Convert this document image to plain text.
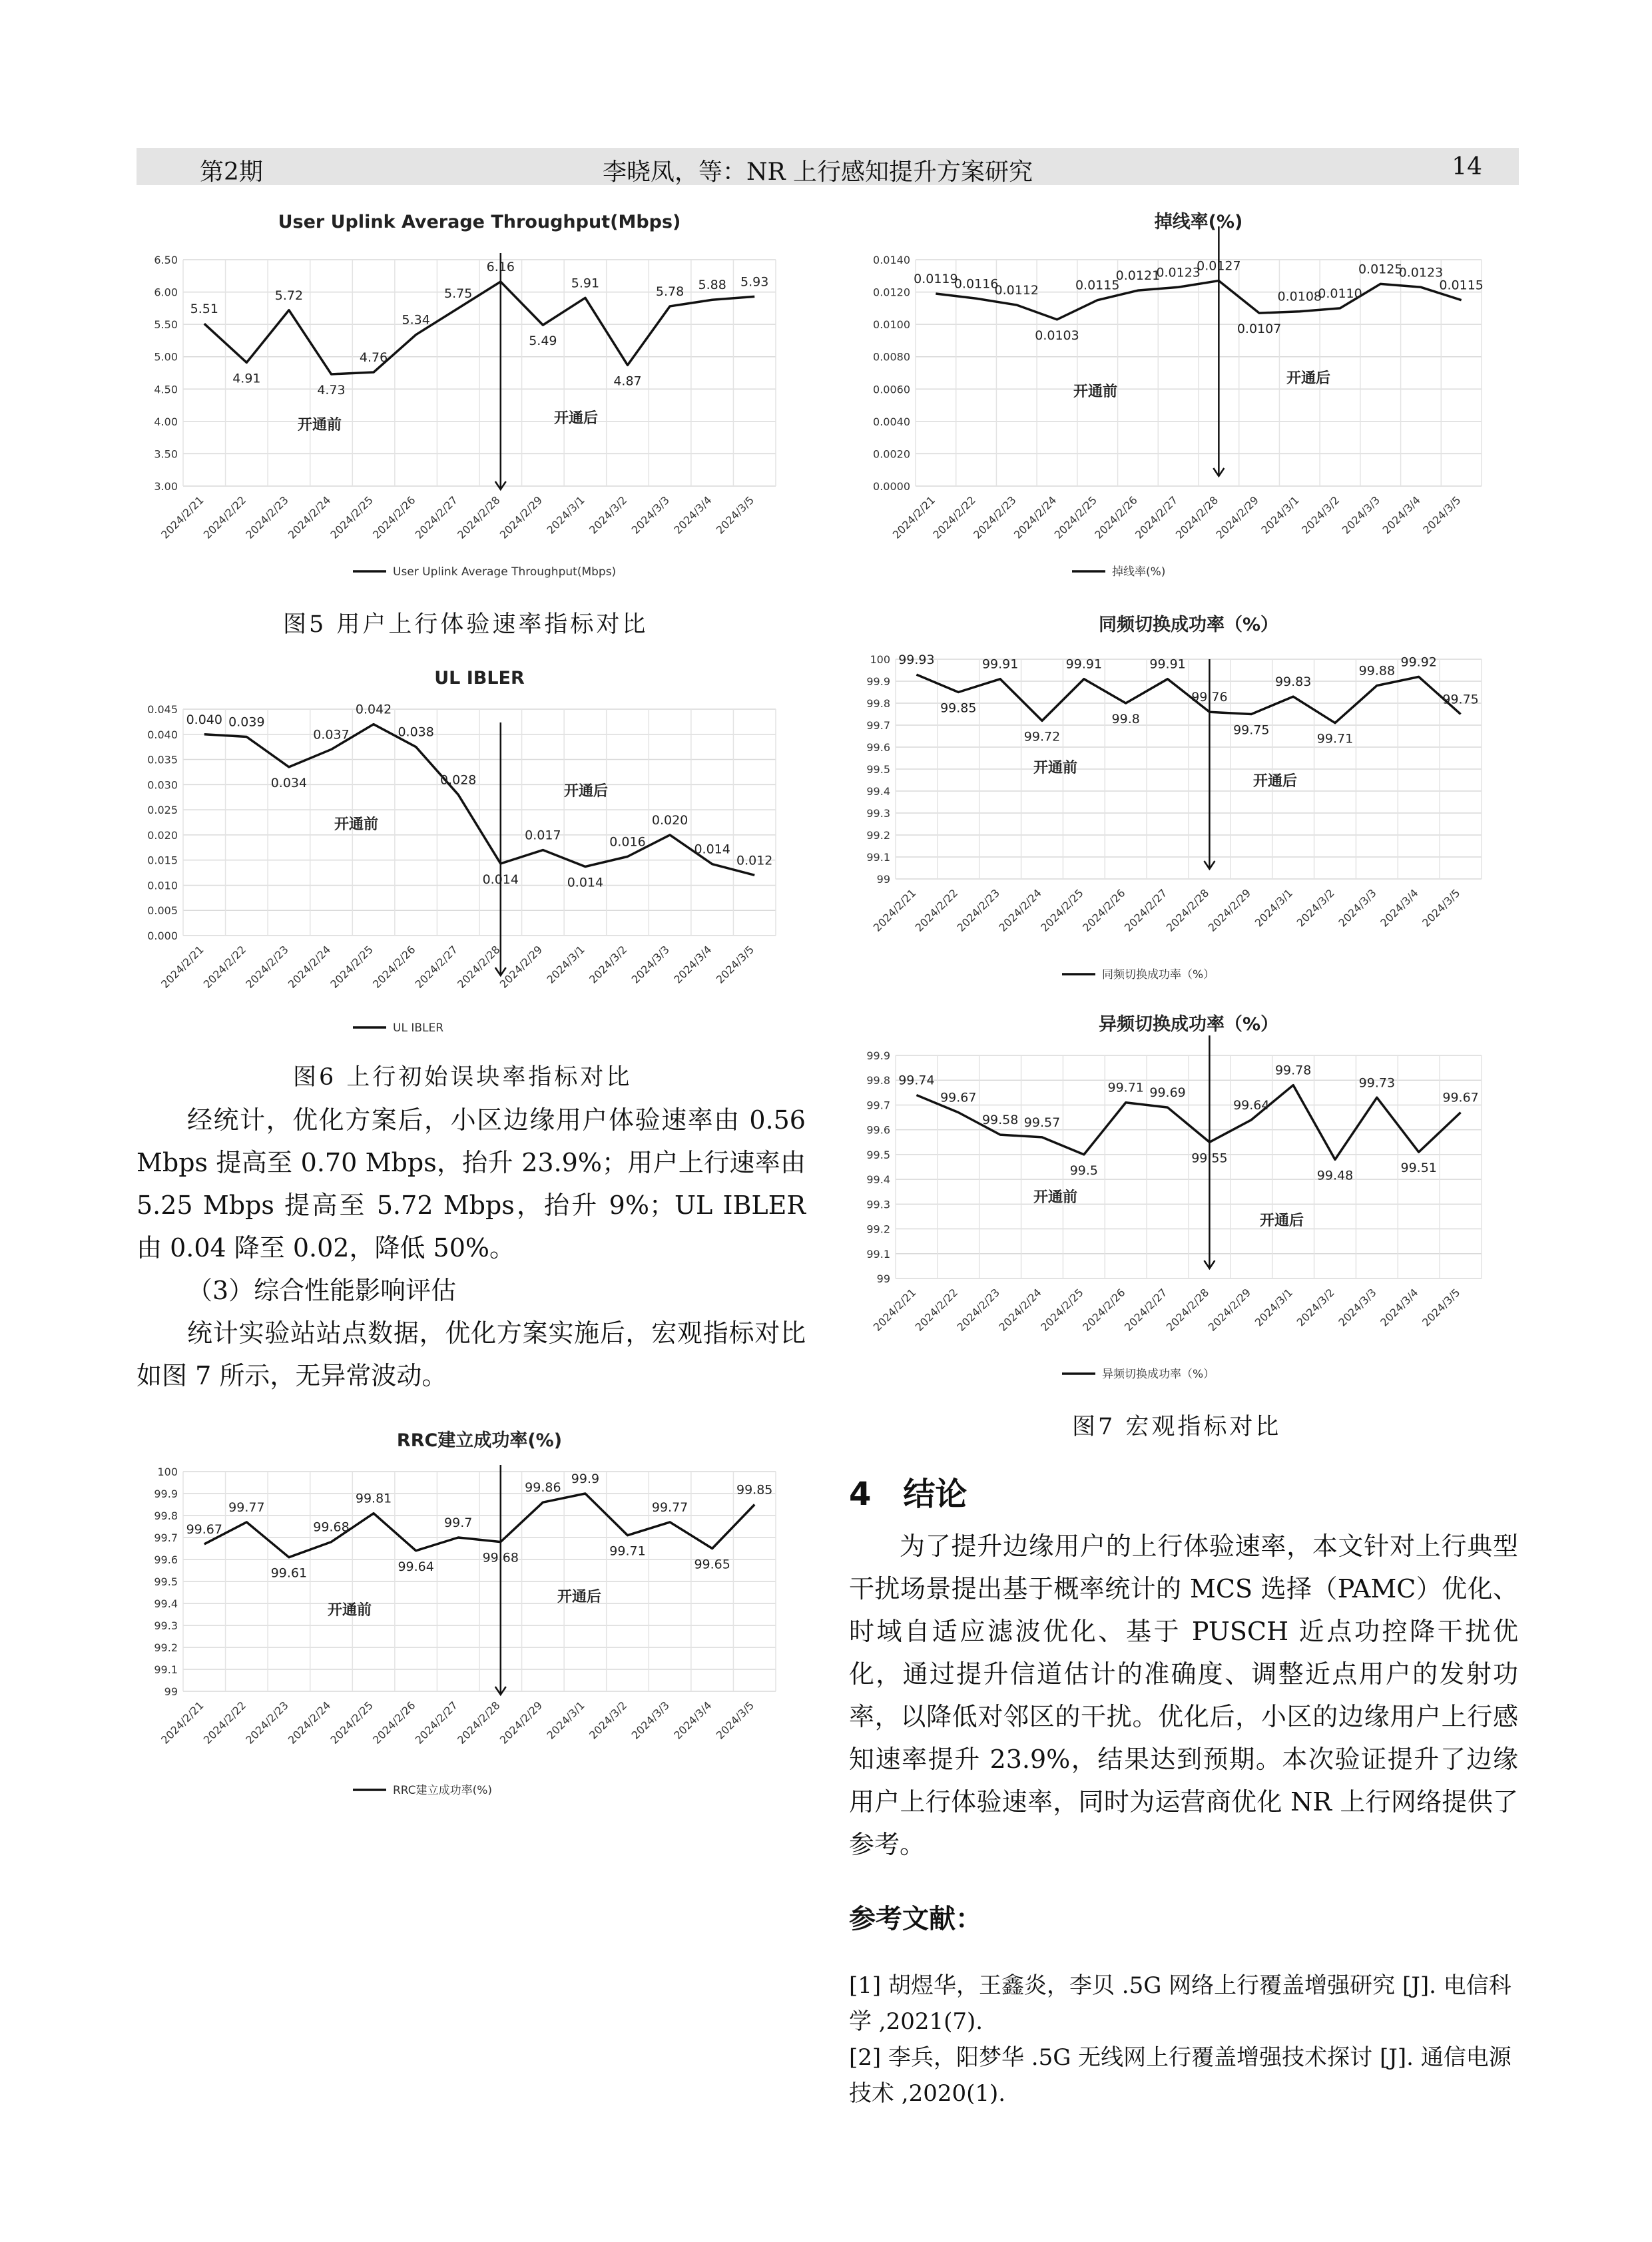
第2期	李晓凤，等：NR 上行感知提升方案研究	14
User Uplink Average Throughput(Mbps)
3.00
3.50
4.00
4.50
5.00
5.50
6.00
6.50
2024/2/21
2024/2/22
2024/2/23
2024/2/24
2024/2/25
2024/2/26
2024/2/27
2024/2/28
2024/2/29 2024/3/1 2024/3/2 2024/3/3 2024/3/4 2024/3/5
5.51
4.91
5.72
4.73
4.76
5.34
5.75
6.16
5.49
5.91
4.87
5.78 5.88 5.93
开通前	开通后
User Uplink Average Throughput(Mbps)
掉线率(%)
0.0000
0.0020
0.0040
0.0060
0.0080
0.0100
0.0120
0.0140
2024/2/21
2024/2/22
2024/2/23
2024/2/24
2024/2/25
2024/2/26
2024/2/27
2024/2/28
2024/2/29
2024/3/1
2024/3/2
2024/3/3
2024/3/4
2024/3/5
0.0119
0.0116
0.0112
0.0103
0.0115
0.0121
0.0123
0.0127
0.0107
0.0108
0.0110
0.0125
0.0123
0.0115
开通前
开通后
掉线率(%)
UL IBLER
0.000
0.005
0.010
0.015
0.020
0.025
0.030
0.035
0.040
0.045
2024/2/21
2024/2/22
2024/2/23
2024/2/24
2024/2/25
2024/2/26
2024/2/27
2024/2/28
2024/2/29 2024/3/1 2024/3/2 2024/3/3 2024/3/4 2024/3/5
0.040 0.039
0.034
0.037
0.042
0.038
0.028
0.014
0.017
0.014
0.016
0.020
0.014
0.012
开通前
开通后
UL IBLER
同频切换成功率（%）
99
99.1
99.2
99.3
99.4
99.5
99.6
99.7
99.8
99.9
100
2024/2/21
2024/2/22
2024/2/23
2024/2/24
2024/2/25
2024/2/26
2024/2/27
2024/2/28
2024/2/29
2024/3/1
2024/3/2
2024/3/3
2024/3/4
2024/3/5
99.93
99.85
99.91
99.72
99.91
99.8
99.91
99.76
99.75
99.83
99.71
99.88
99.92
99.75
开通前
开通后
同频切换成功率（%）
异频切换成功率（%）
99
99.1
99.2
99.3
99.4
99.5
99.6
99.7
99.8
99.9
2024/2/21
2024/2/22
2024/2/23
2024/2/24
2024/2/25
2024/2/26
2024/2/27
2024/2/28
2024/2/29
2024/3/1
2024/3/2
2024/3/3
2024/3/4
2024/3/5
99.74
99.67
99.58 99.57
99.5
99.71 99.69
99.55
99.64
99.78
99.48
99.73
99.51
99.67
开通前
开通后
异频切换成功率（%）
RRC建立成功率(%)
99
99.1
99.2
99.3
99.4
99.5
99.6
99.7
99.8
99.9
100
2024/2/21
2024/2/22
2024/2/23
2024/2/24
2024/2/25
2024/2/26
2024/2/27
2024/2/28
2024/2/29 2024/3/1 2024/3/2 2024/3/3 2024/3/4 2024/3/5
99.67
99.77
99.61
99.68
99.81
99.64
99.7
99.68
99.86
99.9
99.71
99.77
99.65
99.85
开通前
开通后
RRC建立成功率(%)
图5 用户上行体验速率指标对比
图6 上行初始误块率指标对比
图7 宏观指标对比

经统计，优化方案后，小区边缘用户体验速率由 0.56 Mbps 提高至 0.70 Mbps，抬升 23.9%；用户上行速率由 5.25 Mbps 提高至 5.72 Mbps，抬升 9%；UL IBLER 由 0.04 降至 0.02，降低 50%。

（3）综合性能影响评估

统计实验站站点数据，优化方案实施后，宏观指标对比如图 7 所示，无异常波动。

4　结论

为了提升边缘用户的上行体验速率，本文针对上行典型干扰场景提出基于概率统计的 MCS 选择（PAMC）优化、时域自适应滤波优化、基于 PUSCH 近点功控降干扰优化，通过提升信道估计的准确度、调整近点用户的发射功率，以降低对邻区的干扰。优化后，小区的边缘用户上行感知速率提升 23.9%，结果达到预期。本次验证提升了边缘用户上行体验速率，同时为运营商优化 NR 上行网络提供了参考。

参考文献：

[1] 胡煜华，王鑫炎，李贝 .5G 网络上行覆盖增强研究 [J]. 电信科学 ,2021(7).

[2] 李兵，阳梦华 .5G 无线网上行覆盖增强技术探讨 [J]. 通信电源技术 ,2020(1).
